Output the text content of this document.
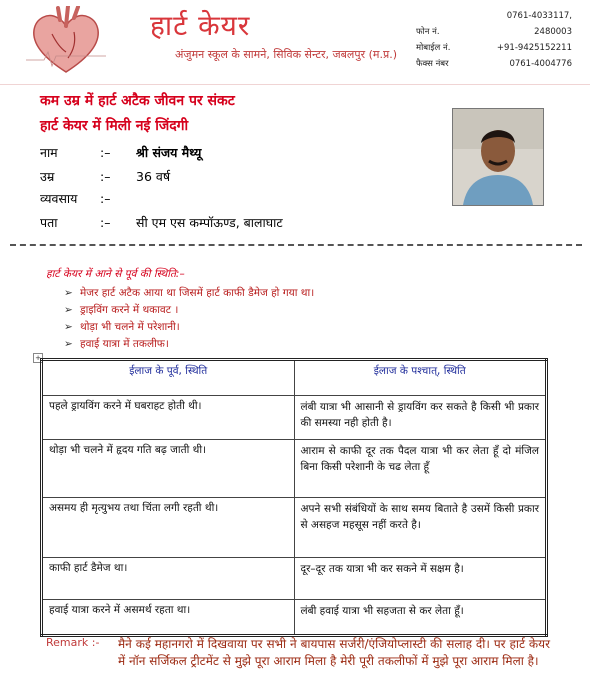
हार्ट केयर
अंजुमन स्कूल के सामने, सिविक सेन्टर, जबलपुर (म.प्र.)
फोन नं.0761-4033117, 2480003
मोबाईल नं.	+91-9425152211
फैक्स नंबर	0761-4004776
कम उम्र में हार्ट अटैक जीवन पर संकट
हार्ट केयर में मिली नई जिंदगी
नाम	:– श्री संजय मैथ्यू
उम्र	:– 36 वर्ष
व्यवसाय :–
पता	:– सी एम एस कम्पॉऊण्ड, बालाघाट
हार्ट केयर में आने से पूर्व की स्थिति:–
➢ मेजर हार्ट अटैक आया था जिसमें हार्ट काफी डैमेज हो गया था।
➢ ड्राइविंग करने में थकावट ।
➢ थोड़ा भी चलने में परेशानी।
➢ हवाई यात्रा में तकलीफ।
+
ईलाज के पूर्व, स्थिति	ईलाज के पश्चात्, स्थिति
पहले ड्रायविंग करने में घबराहट होती थी।	लंबी यात्रा भी आसानी से ड्रायविंग कर सकते है किसी भी प्रकार की समस्या नही होती है।
थोड़ा भी चलने में हृदय गति बढ़ जाती थी।	आराम से काफी दूर तक पैदल यात्रा भी कर लेता हूँ दो मंजिल बिना किसी परेशानी के चढ लेता हूँ
असमय ही मृत्युभय तथा चिंता लगी रहती थी।	अपने सभी संबंधियों के साथ समय बिताते है उसमें किसी प्रकार से असहज महसूस नहीं करते है।
काफी हार्ट डैमेज था।	दूर–दूर तक यात्रा भी कर सकने में सक्षम है।
हवाई यात्रा करने में असमर्थ रहता था।	लंबी हवाई यात्रा भी सहजता से कर लेता हूँ।
Remark :- मैने कई महानगरो में दिखवाया पर सभी ने बायपास सर्जरी/एंजियोप्लास्टी की सलाह दी। पर हार्ट केयर में नॉन सर्जिकल ट्रीटमेंट से मुझे पूरा आराम मिला है मेरी पूरी तकलीफों में मुझे पूरा आराम मिला है।
